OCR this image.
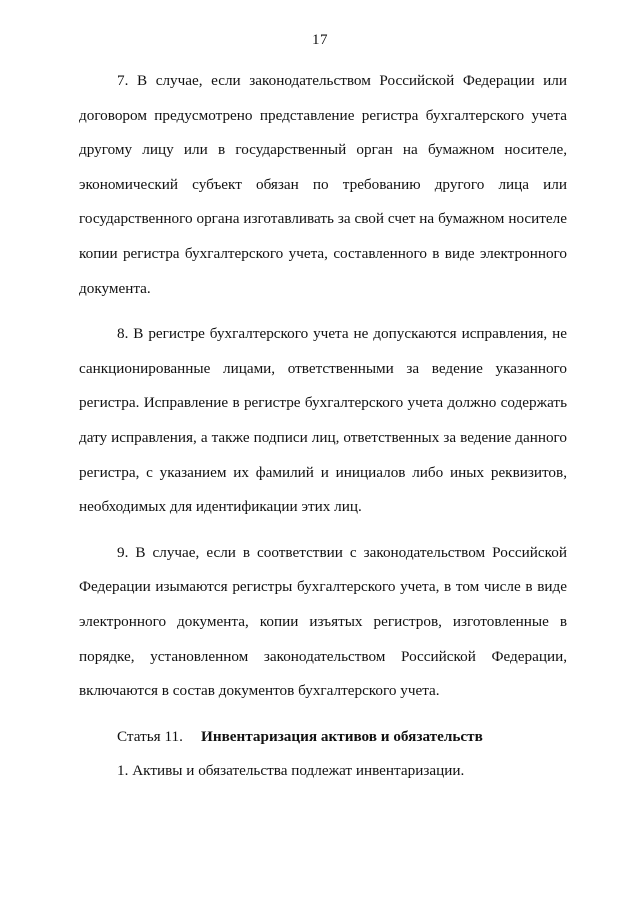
17

7. В случае, если законодательством Российской Федерации или договором предусмотрено представление регистра бухгалтерского учета другому лицу или в государственный орган на бумажном носителе, экономический субъект обязан по требованию другого лица или государственного органа изготавливать за свой счет на бумажном носителе копии регистра бухгалтерского учета, составленного в виде электронного документа.

8. В регистре бухгалтерского учета не допускаются исправления, не санкционированные лицами, ответственными за ведение указанного регистра. Исправление в регистре бухгалтерского учета должно содержать дату исправления, а также подписи лиц, ответственных за ведение данного регистра, с указанием их фамилий и инициалов либо иных реквизитов, необходимых для идентификации этих лиц.

9. В случае, если в соответствии с законодательством Российской Федерации изымаются регистры бухгалтерского учета, в том числе в виде электронного документа, копии изъятых регистров, изготовленные в порядке, установленном законодательством Российской Федерации, включаются в состав документов бухгалтерского учета.

Статья 11. Инвентаризация активов и обязательств

1. Активы и обязательства подлежат инвентаризации.
